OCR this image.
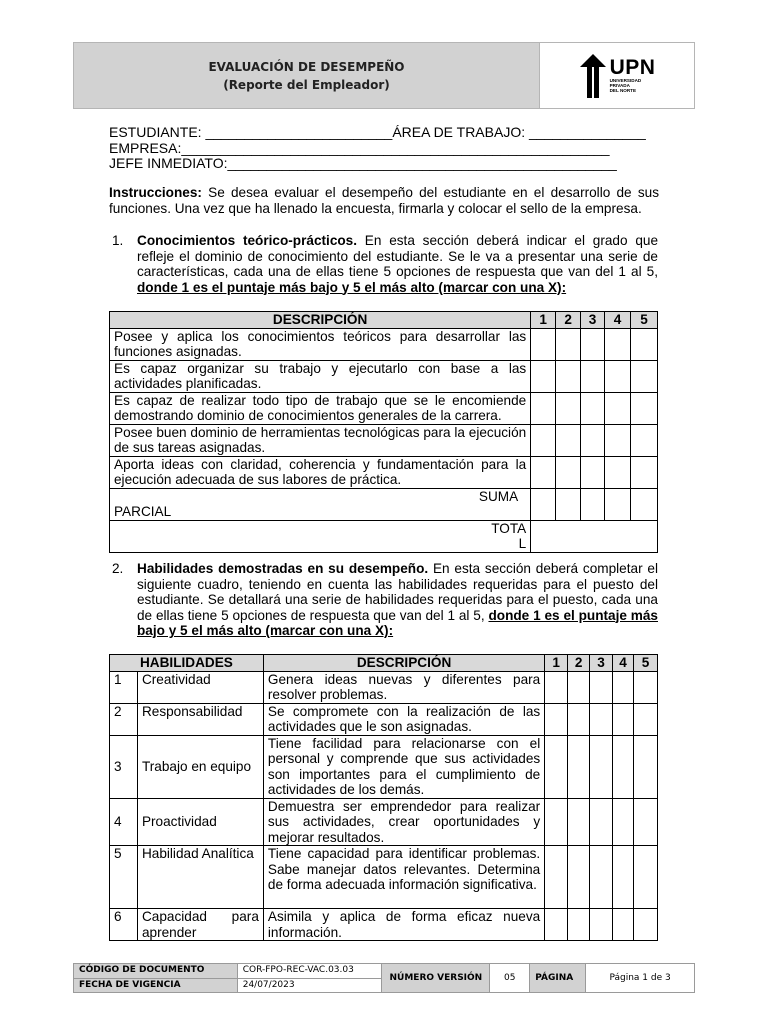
EVALUACIÓN DE DESEMPEÑO
(Reporte del Empleador)
UPN
UNIVERSIDAD
PRIVADA
DEL NORTE
ESTUDIANTE: ________________________ÁREA DE TRABAJO: _______________
EMPRESA:_______________________________________________________
JEFE INMEDIATO:__________________________________________________
Instrucciones: Se desea evaluar el desempeño del estudiante en el desarrollo de sus funciones. Una vez que ha llenado la encuesta, firmarla y colocar el sello de la empresa.
1. Conocimientos teórico-prácticos. En esta sección deberá indicar el grado que refleje el dominio de conocimiento del estudiante. Se le va a presentar una serie de características, cada una de ellas tiene 5 opciones de respuesta que van del 1 al 5, donde 1 es el puntaje más bajo y 5 el más alto (marcar con una X):
DESCRIPCIÓN	1	2	3	4	5
Posee y aplica los conocimientos teóricos para desarrollar las funciones asignadas.					
Es capaz organizar su trabajo y ejecutarlo con base a las actividades planificadas.					
Es capaz de realizar todo tipo de trabajo que se le encomiende demostrando dominio de conocimientos generales de la carrera.					
Posee buen dominio de herramientas tecnológicas para la ejecución de sus tareas asignadas.					
Aporta ideas con claridad, coherencia y fundamentación para la ejecución adecuada de sus labores de práctica.					

SUMA
PARCIAL					

TOTA
L					

2. Habilidades demostradas en su desempeño. En esta sección deberá completar el siguiente cuadro, teniendo en cuenta las habilidades requeridas para el puesto del estudiante. Se detallará una serie de habilidades requeridas para el puesto, cada una de ellas tiene 5 opciones de respuesta que van del 1 al 5, donde 1 es el puntaje más bajo y 5 el más alto (marcar con una X):
HABILIDADES		DESCRIPCIÓN	1	2	3	4	5
1	Creatividad	Genera ideas nuevas y diferentes para resolver problemas.					
2	Responsabilidad	Se compromete con la realización de las actividades que le son asignadas.					
3	Trabajo en equipo	Tiene facilidad para relacionarse con el personal y comprende que sus actividades son importantes para el cumplimiento de actividades de los demás.					
4	Proactividad	Demuestra ser emprendedor para realizar sus actividades, crear oportunidades y mejorar resultados.					
5	Habilidad Analítica	Tiene capacidad para identificar problemas. Sabe manejar datos relevantes. Determina de forma adecuada información significativa.					
6	Capacidad para aprender	Asimila y aplica de forma eficaz nueva información.					
CÓDIGO DE DOCUMENTO	COR-FPO-REC-VAC.03.03	NÚMERO VERSIÓN	05	PÁGINA	Página 1 de 3
FECHA DE VIGENCIA	24/07/2023				
